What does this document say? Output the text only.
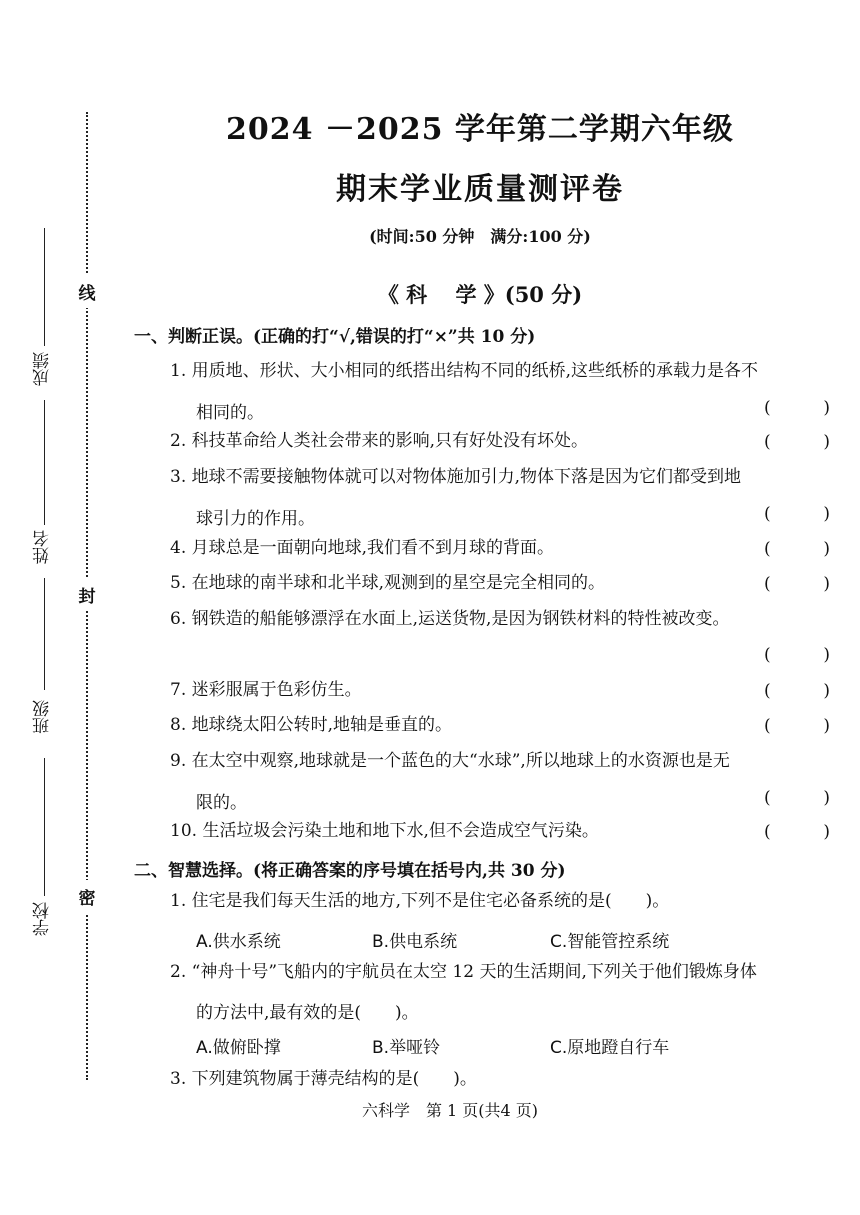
线
封
密
成绩
姓名
班级
学校
2024 －2025 学年第二学期六年级
期末学业质量测评卷
(时间:50 分钟　满分:100 分)
《 科　 学 》(50 分)
一、判断正误。(正确的打“√,错误的打“×”共 10 分)
1. 用质地、形状、大小相同的纸搭出结构不同的纸桥,这些纸桥的承载力是各不
相同的。	(	)
2. 科技革命给人类社会带来的影响,只有好处没有坏处。	(	)
3. 地球不需要接触物体就可以对物体施加引力,物体下落是因为它们都受到地
球引力的作用。	(	)
4. 月球总是一面朝向地球,我们看不到月球的背面。	(	)
5. 在地球的南半球和北半球,观测到的星空是完全相同的。	(	)
6. 钢铁造的船能够漂浮在水面上,运送货物,是因为钢铁材料的特性被改变。
(	)
7. 迷彩服属于色彩仿生。	(	)
8. 地球绕太阳公转时,地轴是垂直的。	(	)
9. 在太空中观察,地球就是一个蓝色的大“水球”,所以地球上的水资源也是无
限的。	(	)
10. 生活垃圾会污染土地和地下水,但不会造成空气污染。	(	)
二、智慧选择。(将正确答案的序号填在括号内,共 30 分)
1. 住宅是我们每天生活的地方,下列不是住宅必备系统的是(　　)。
A.供水系统	B.供电系统	C.智能管控系统
2. “神舟十号”飞船内的宇航员在太空 12 天的生活期间,下列关于他们锻炼身体
的方法中,最有效的是(　　)。
A.做俯卧撑	B.举哑铃	C.原地蹬自行车
3. 下列建筑物属于薄壳结构的是(　　)。
六科学　第 1 页(共4 页)
